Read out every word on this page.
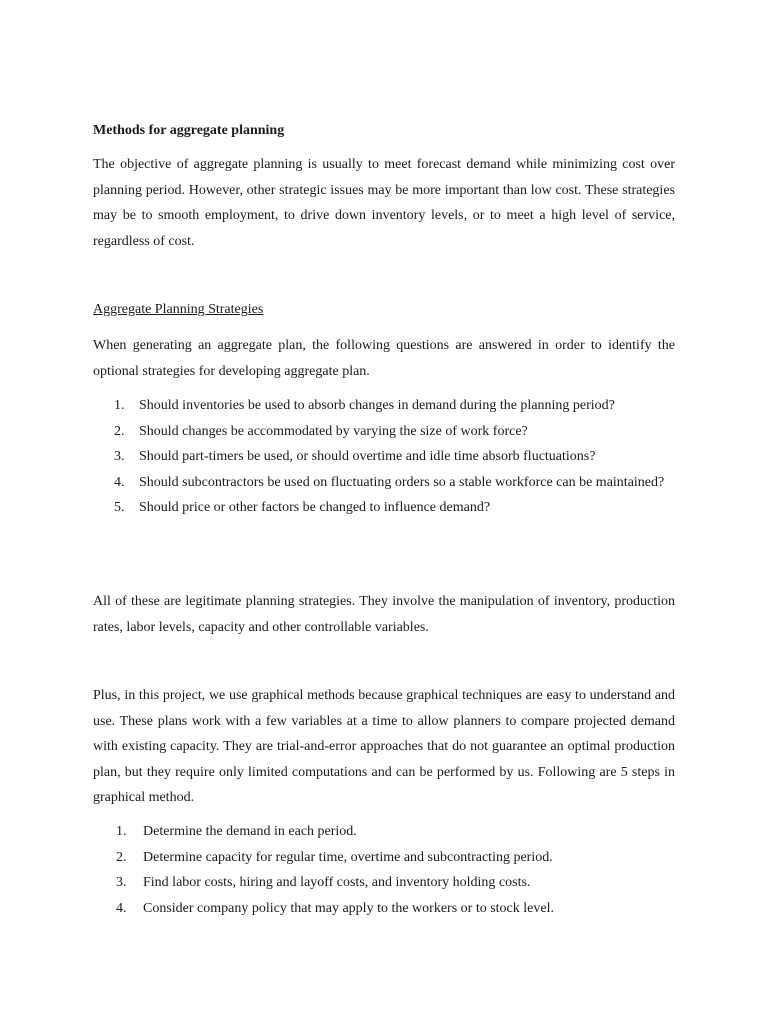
Methods for aggregate planning
The objective of aggregate planning is usually to meet forecast demand while minimizing cost over planning period. However, other strategic issues may be more important than low cost. These strategies may be to smooth employment, to drive down inventory levels, or to meet a high level of service, regardless of cost.
Aggregate Planning Strategies
When generating an aggregate plan, the following questions are answered in order to identify the optional strategies for developing aggregate plan.
1. Should inventories be used to absorb changes in demand during the planning period?
2. Should changes be accommodated by varying the size of work force?
3. Should part-timers be used, or should overtime and idle time absorb fluctuations?
4. Should subcontractors be used on fluctuating orders so a stable workforce can be maintained?
5. Should price or other factors be changed to influence demand?
All of these are legitimate planning strategies. They involve the manipulation of inventory, production rates, labor levels, capacity and other controllable variables.
Plus, in this project, we use graphical methods because graphical techniques are easy to understand and use. These plans work with a few variables at a time to allow planners to compare projected demand with existing capacity. They are trial-and-error approaches that do not guarantee an optimal production plan, but they require only limited computations and can be performed by us. Following are 5 steps in graphical method.
1. Determine the demand in each period.
2. Determine capacity for regular time, overtime and subcontracting period.
3. Find labor costs, hiring and layoff costs, and inventory holding costs.
4. Consider company policy that may apply to the workers or to stock level.
